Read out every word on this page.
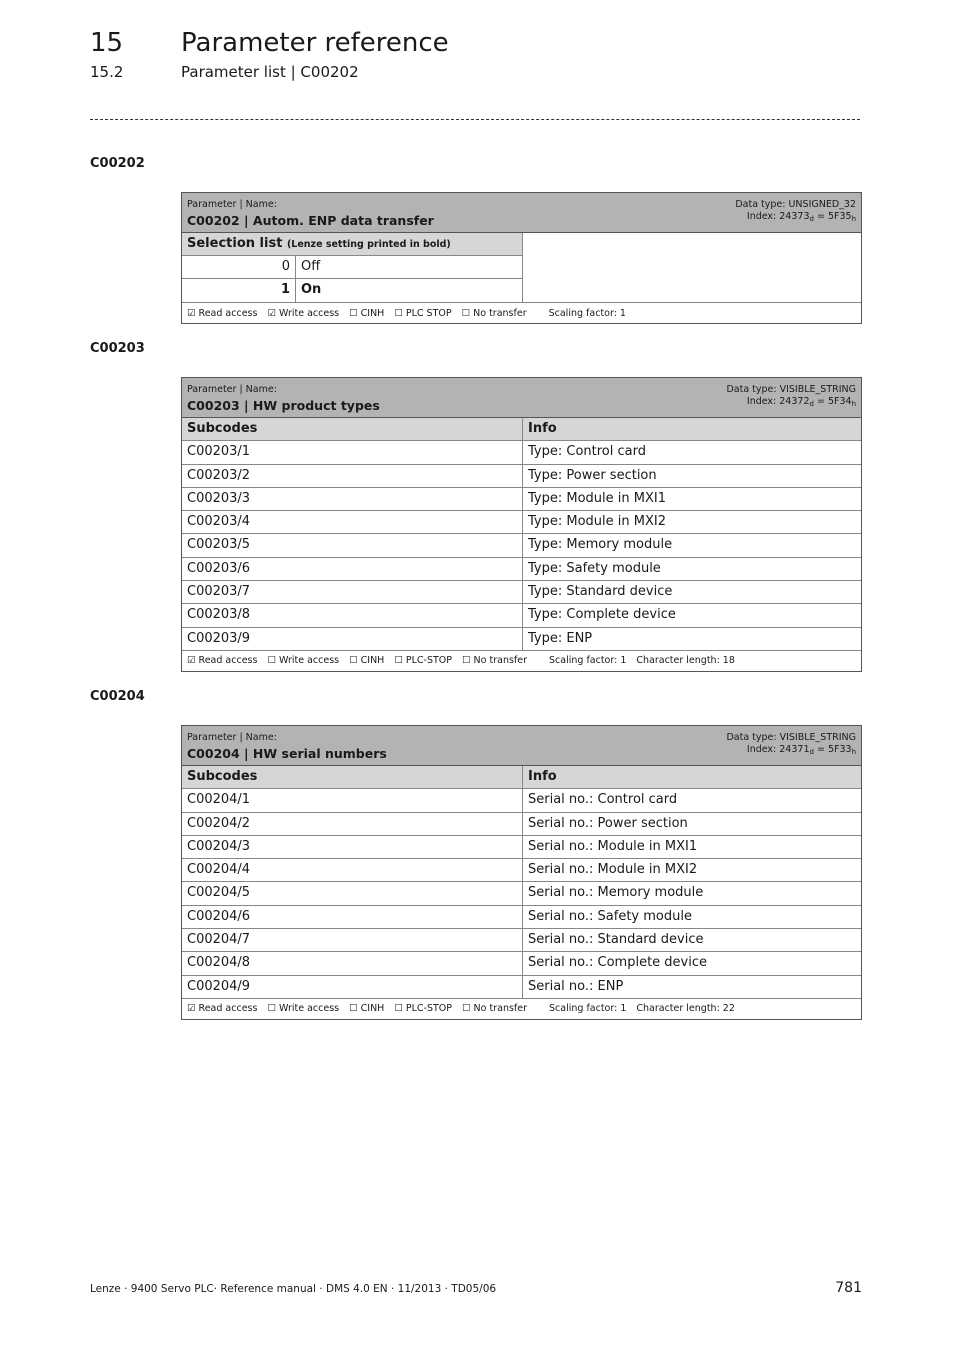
15 Parameter reference
15.2	Parameter list | C00202
C00202
Parameter | Name:
C00202 | Autom. ENP data transfer
Data type: UNSIGNED_32
Index: $24373_d = 5F35_h$
Selection list (Lenze setting printed in bold)
0 Off
1 On
☑ Read access ☑ Write access ☐ CINH ☐ PLC STOP ☐ No transfer Scaling factor: 1
C00203
Parameter | Name:
C00203 | HW product types
Data type: VISIBLE_STRING
Index: $24372_d = 5F34_h$
Subcodes	Info
C00203/1	Type: Control card
C00203/2	Type: Power section
C00203/3	Type: Module in MXI1
C00203/4	Type: Module in MXI2
C00203/5	Type: Memory module
C00203/6	Type: Safety module
C00203/7	Type: Standard device
C00203/8	Type: Complete device
C00203/9	Type: ENP
☑ Read access ☐ Write access ☐ CINH ☐ PLC-STOP ☐ No transfer Scaling factor: 1 Character length: 18
C00204
Parameter | Name:
C00204 | HW serial numbers
Data type: VISIBLE_STRING
Index: $24371_d = 5F33_h$
Subcodes	Info
C00204/1	Serial no.: Control card
C00204/2	Serial no.: Power section
C00204/3	Serial no.: Module in MXI1
C00204/4	Serial no.: Module in MXI2
C00204/5	Serial no.: Memory module
C00204/6	Serial no.: Safety module
C00204/7	Serial no.: Standard device
C00204/8	Serial no.: Complete device
C00204/9	Serial no.: ENP
☑ Read access ☐ Write access ☐ CINH ☐ PLC-STOP ☐ No transfer Scaling factor: 1 Character length: 22
Lenze · 9400 Servo PLC· Reference manual · DMS 4.0 EN · 11/2013 · TD05/06	781
